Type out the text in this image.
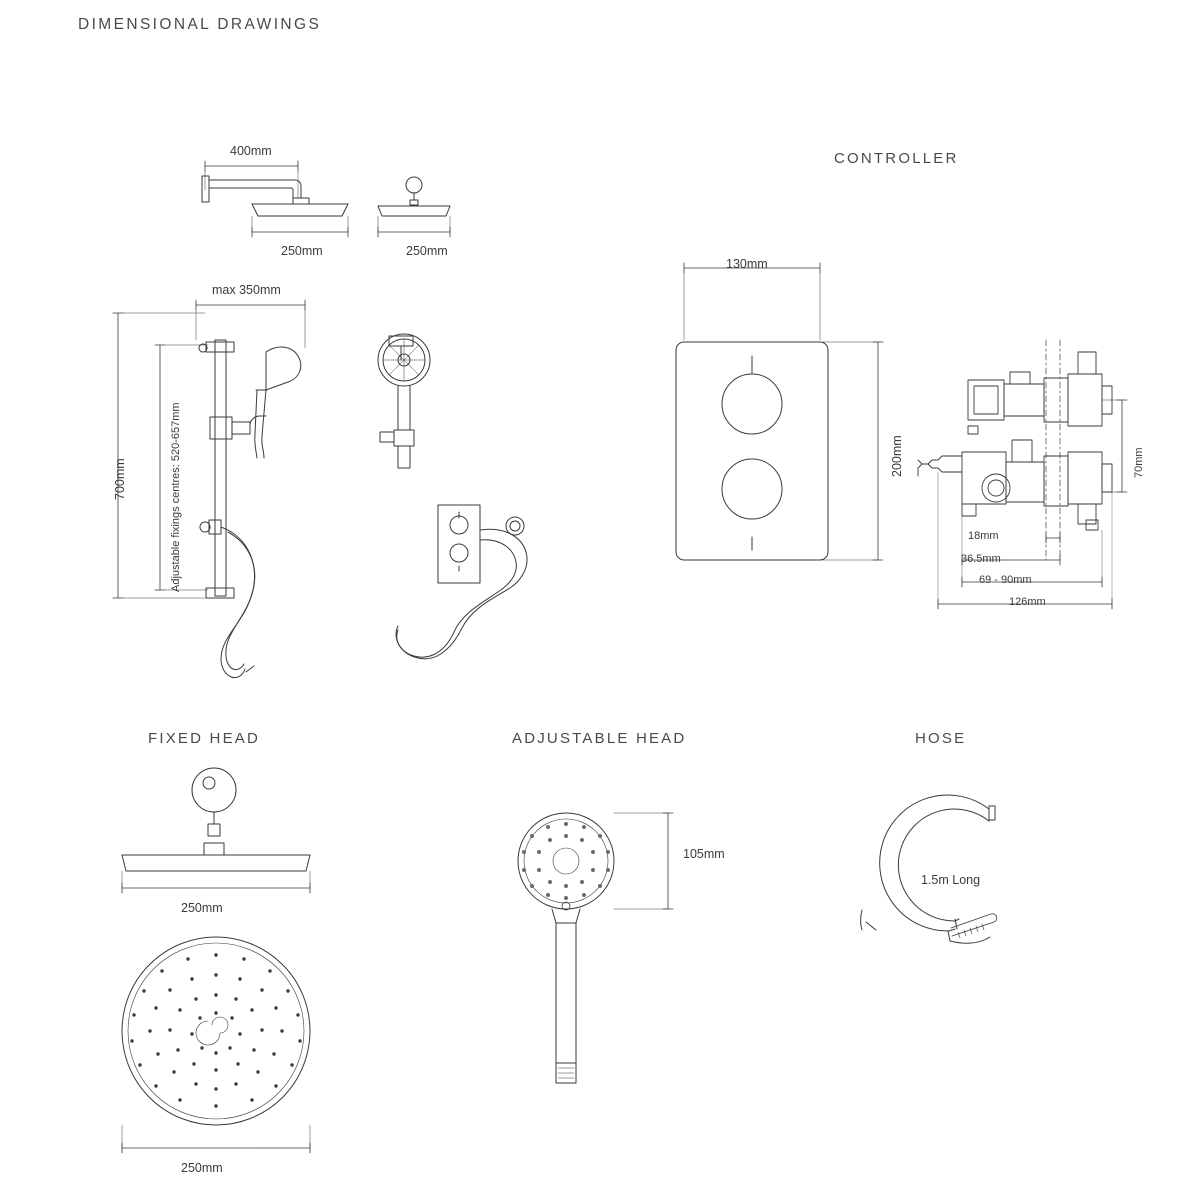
DIMENSIONAL DRAWINGS
CONTROLLER
FIXED HEAD	ADJUSTABLE HEAD	HOSE
400mm
250mm	250mm
max 350mm
700mm	Adjustable fixings centres: 520-657mm
130mm
200mm	70mm
18mm
36.5mm
69 - 90mm
126mm
250mm
250mm
105mm
1.5m Long
